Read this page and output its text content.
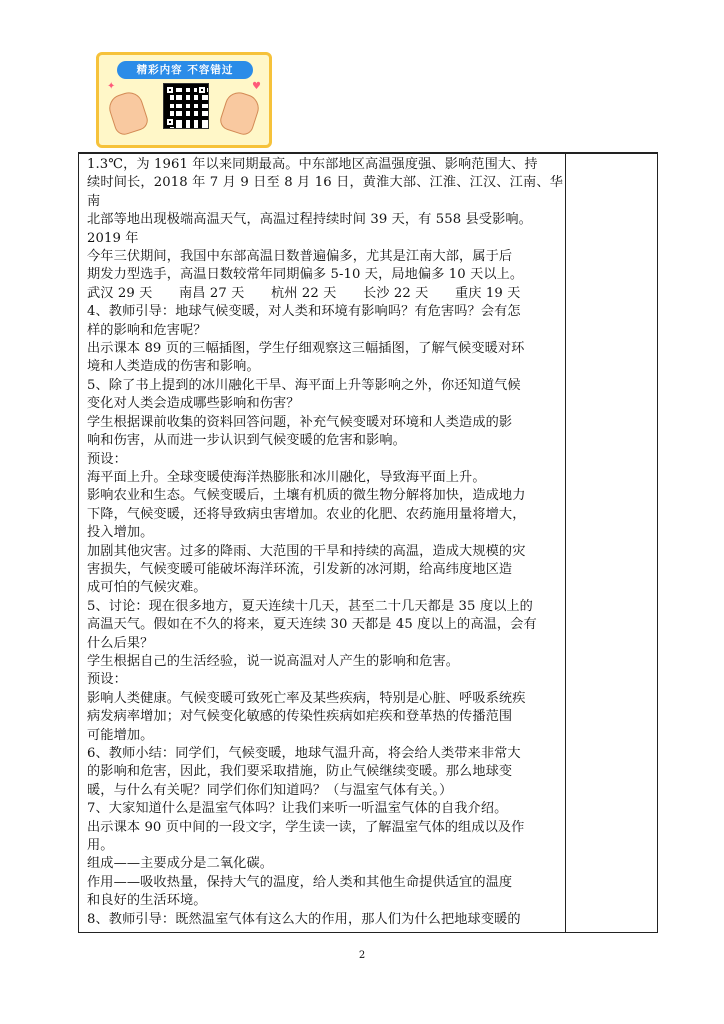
精彩内容 不容错过
✦	♥

1.3℃，为 1961 年以来同期最高。中东部地区高温强度强、影响范围大、持

续时间长，2018 年 7 月 9 日至 8 月 16 日，黄淮大部、江淮、江汉、江南、华南

北部等地出现极端高温天气，高温过程持续时间 39 天，有 558 县受影响。

2019 年

今年三伏期间，我国中东部高温日数普遍偏多，尤其是江南大部，属于后

期发力型选手，高温日数较常年同期偏多 5-10 天，局地偏多 10 天以上。

武汉 29 天　　南昌 27 天　　杭州 22 天　　长沙 22 天　　重庆 19 天

4、教师引导：地球气候变暖，对人类和环境有影响吗？有危害吗？会有怎

样的影响和危害呢？

出示课本 89 页的三幅插图，学生仔细观察这三幅插图，了解气候变暖对环

境和人类造成的伤害和影响。

5、除了书上提到的冰川融化干旱、海平面上升等影响之外，你还知道气候

变化对人类会造成哪些影响和伤害？

学生根据课前收集的资料回答问题，补充气候变暖对环境和人类造成的影

响和伤害，从而进一步认识到气候变暖的危害和影响。

预设：

海平面上升。全球变暖使海洋热膨胀和冰川融化，导致海平面上升。

影响农业和生态。气候变暖后，土壤有机质的微生物分解将加快，造成地力

下降，气候变暖，还将导致病虫害增加。农业的化肥、农药施用量将增大，

投入增加。

加剧其他灾害。过多的降雨、大范围的干旱和持续的高温，造成大规模的灾

害损失，气候变暖可能破坏海洋环流，引发新的冰河期，给高纬度地区造

成可怕的气候灾难。

5、讨论：现在很多地方，夏天连续十几天，甚至二十几天都是 35 度以上的

高温天气。假如在不久的将来，夏天连续 30 天都是 45 度以上的高温，会有

什么后果？

学生根据自己的生活经验，说一说高温对人产生的影响和危害。

预设：

影响人类健康。气候变暖可致死亡率及某些疾病，特别是心脏、呼吸系统疾

病发病率增加；对气候变化敏感的传染性疾病如疟疾和登革热的传播范围

可能增加。

6、教师小结：同学们，气候变暖，地球气温升高，将会给人类带来非常大

的影响和危害，因此，我们要采取措施，防止气候继续变暖。那么地球变

暖，与什么有关呢？同学们你们知道吗？（与温室气体有关。）

7、大家知道什么是温室气体吗？让我们来听一听温室气体的自我介绍。

出示课本 90 页中间的一段文字，学生读一读，了解温室气体的组成以及作

用。

组成——主要成分是二氧化碳。

作用——吸收热量，保持大气的温度，给人类和其他生命提供适宜的温度

和良好的生活环境。

8、教师引导：既然温室气体有这么大的作用，那人们为什么把地球变暖的

2
